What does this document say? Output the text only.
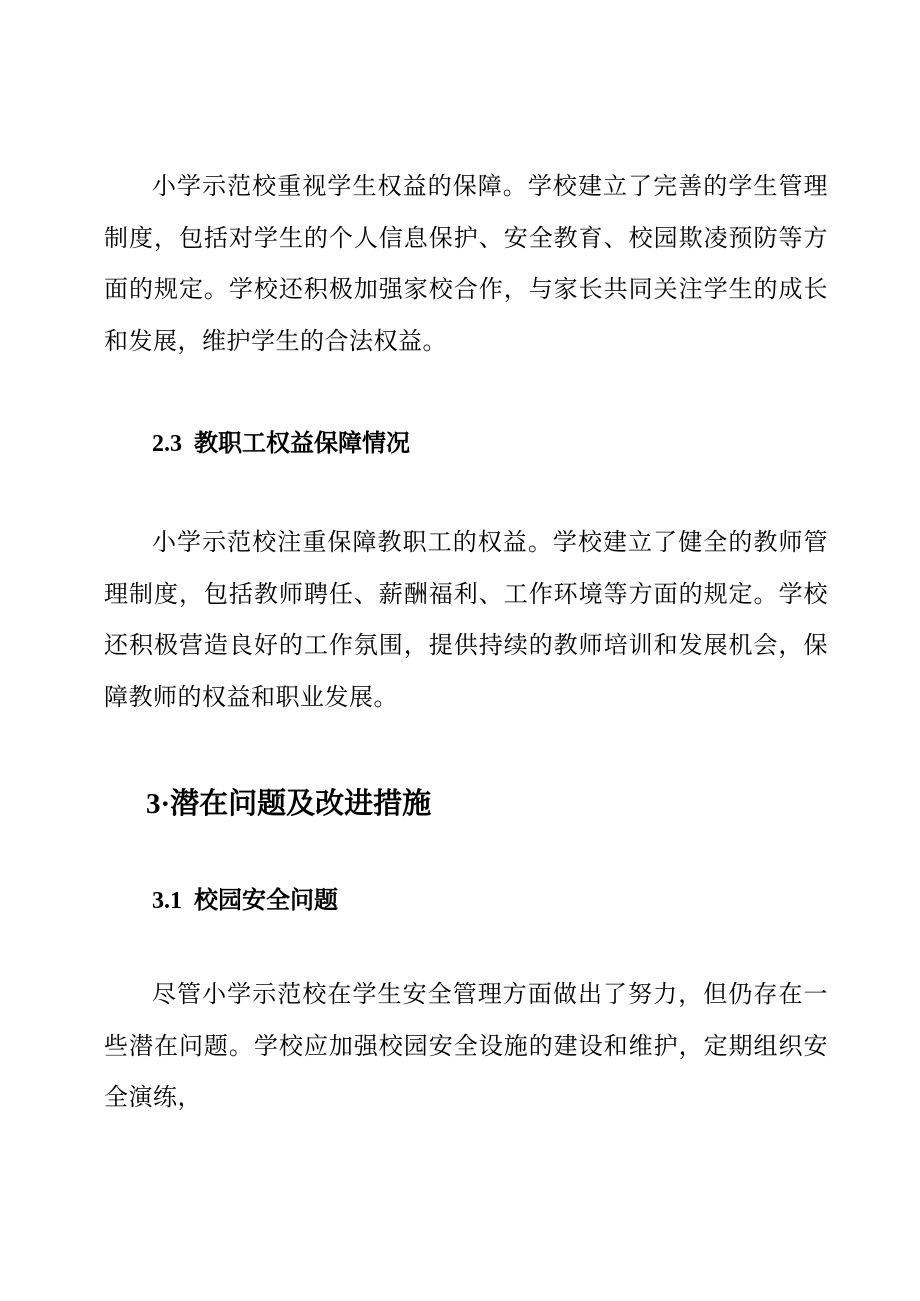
小学示范校重视学生权益的保障。学校建立了完善的学生管理制度，包括对学生的个人信息保护、安全教育、校园欺凌预防等方面的规定。学校还积极加强家校合作，与家长共同关注学生的成长和发展，维护学生的合法权益。

2.3 教职工权益保障情况

小学示范校注重保障教职工的权益。学校建立了健全的教师管理制度，包括教师聘任、薪酬福利、工作环境等方面的规定。学校还积极营造良好的工作氛围，提供持续的教师培训和发展机会，保障教师的权益和职业发展。

3·潜在问题及改进措施
3.1 校园安全问题

尽管小学示范校在学生安全管理方面做出了努力，但仍存在一些潜在问题。学校应加强校园安全设施的建设和维护，定期组织安全演练，
